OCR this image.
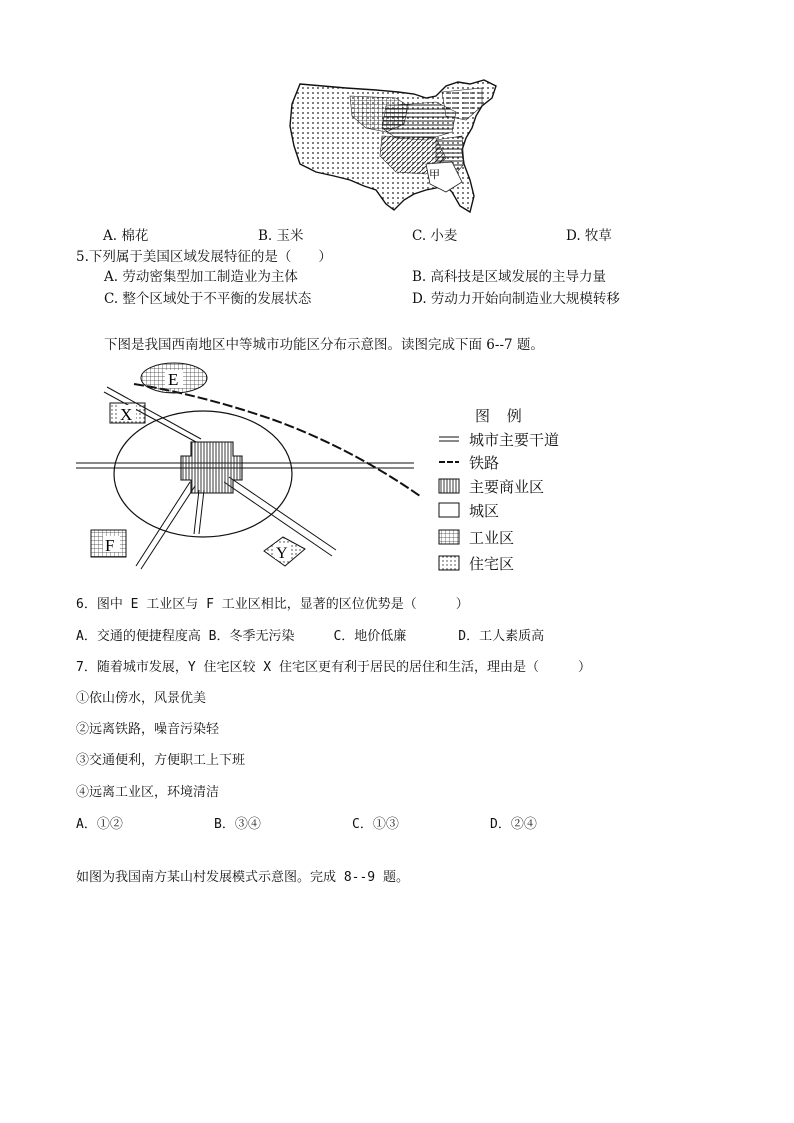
甲
A. 棉花	B. 玉米	C. 小麦	D. 牧草
5.下列属于美国区域发展特征的是（　　）
A. 劳动密集型加工制造业为主体	B. 高科技是区域发展的主导力量
C. 整个区域处于不平衡的发展状态	D. 劳动力开始向制造业大规模转移
下图是我国西南地区中等城市功能区分布示意图。读图完成下面 6--7 题。
E
X
F	Y
图 例
城市主要干道
铁路
主要商业区
城区
工业区
住宅区
6．图中 E 工业区与 F 工业区相比，显著的区位优势是（　　　）
A．交通的便捷程度高 B．冬季无污染　　　C．地价低廉　　　　D．工人素质高
7．随着城市发展，Y 住宅区较 X 住宅区更有利于居民的居住和生活，理由是（　　　）
①依山傍水，风景优美
②远离铁路，噪音污染轻
③交通便利，方便职工上下班
④远离工业区，环境清洁
A．①②	B．③④	C．①③	D．②④
如图为我国南方某山村发展模式示意图。完成 8--9 题。
